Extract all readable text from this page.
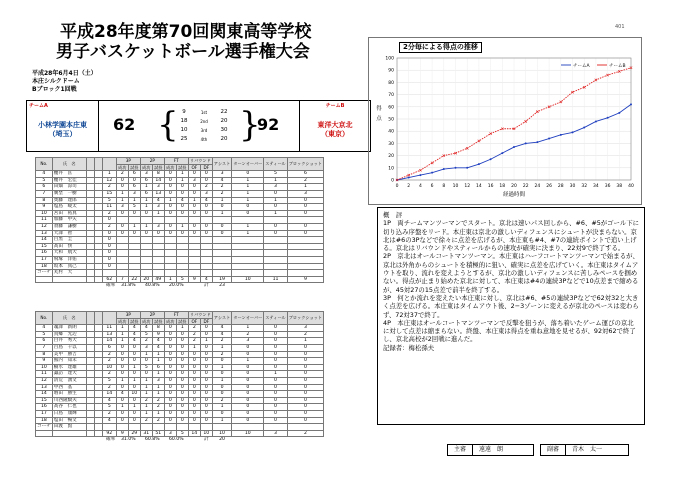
401
平成28年度第70回関東高等学校
男子バスケットボール選手権大会
平成28年6月4日（土）
本庄シルクドーム
Bブロック1回戦
チームA
小林学園本庄東
（埼玉）	62 { 9	1st	22
18	2nd	20
10	3rd	30
25	4th	20 }
92
チームB
東洋大京北
（東京）
No.	氏　名				3P		2P		FT		リバウンド		アシスト	ターンオーバー	スティール	ブロックショット
					成功	試投	成功	試投	成功	試投	OF	DF				
4	櫻井　匡			1	2	6	3	8	0	1	0	0	3	0	5	6
5	櫻井　宏佳			12	0	0	6	14	0	1	3	0	4	1	1	2
6	田畑　涼司			2	0	6	1	3	0	0	0	2	2	1	3	1
7	廣埜　一樹			15	1	3	6	13	0	0	0	3	2	1	0	3
8	奥藤　達郎			5	1	1	1	4	1	4	1	4	1	1	1	0
9	塩島　崚太			11	3	5	1	3	0	0	0	0	0	0	0	0
10	宮田　祐真			2	0	0	0	1	0	0	0	0	1	0	1	0
11	加藤　甲矢			0												
12	須藤　謙樹			2	0	1	1	3	0	1	0	0	0	1	0	0
13	大澤　智			0	0	0	0	0	0	0	0	0	0	1	0	0
14	目黒　圭			0												
15	高田　快			0												
16	大和　航大			0												
17	飛塚　洋佑			0												
18	坂本　真己			0												
コーチ	丸村　大															
				62	7	22	20	49	1	5	9	4	19	10	11	9
確率					31.8%		40.8%		20.0%			計	23			
No.	氏　名				3P		2P		FT		リバウンド		アシスト	ターンオーバー	スティール	ブロックショット
					成功	試投	成功	試投	成功	試投	OF	DF				
4	魂澤　新朗			11	1	4	4	8	0	1	2	0	4	1	0	3
5	真郷　光辺			13	1	4	5	9	0	0	2	0	4	2	0	2
6	白井　秀大			14	1	4	2	4	0	0	2	1	2	3	0	1
7	百島　千以			6	0	0	3	4	0	0	1	0	1	0	0	0
8	美甲　勝吉			2	0	0	1	1	0	0	0	0	2	0	0	0
9	熊内　知未			2	0	0	0	1	0	0	0	0	0	1	0	0
10	楠水　達雄			10	0	1	5	6	0	0	0	0	1	0	0	0
11	諏訪　達大			2	0	0	0	1	0	0	0	0	0	0	1	0
12	清荒　湧文			5	1	1	1	3	0	0	0	0	1	0	0	0
13	中西　基			2	0	0	1	1	0	0	0	0	0	0	0	0
14	増田　勝生			14	4	10	1	1	0	0	0	0	0	0	0	0
15	川西隆騎夫			4	0	0	2	2	0	0	0	0	2	0	0	0
16	高谷　仁也			5	1	1	1	2	0	0	0	0	1	0	0	0
17	日島　康輝			2	0	0	1	1	0	0	0	0	0	0	0	0
18	塩田　暢文			4	0	0	2	2	0	0	0	0	1	0	0	0
コーチ	田渡　賢															
				92	9	29	31	51	3	5	14	10	10	10	3	2
確率					31.0%		60.8%		60.0%			計	20			
2分毎による得点の推移
0
10
20
30
40
50
60
70
80
90
100
0 2 4 6 8 10 12 14 16 18 20 22 24 26 28 30 32 34 36 38 40
経過時間
得
点
チームA	チームB

概　評

1P　両チームマンツーマンでスタート。京北は速いパス回しから、#6、#5がゴール下に切り込み序盤をリード。本庄東は京北の激しいディフェンスにシュートが決まらない。京北は#6の3Pなどで徐々に点差を広げるが、本庄東も#4、#7の連続ポイントで追い上げる。京北はリバウンドやスティールからの速攻が確実に決まり、22対9で終了する。

2P　京北はオールコートマンツーマン。本庄東はハーフコートマンツーマンで始まるが、京北は外角からのシュートを積極的に狙い、確実に点差を広げていく。本庄東はタイムアウトを取り、流れを変えようとするが、京北の激しいディフェンスに苦しみペースを掴めない。得点が止まり始めた京北に対して、本庄東は#4の連続3Pなどで10点差まで縮めるが、45対27の15点差で前半を終了する。

3P　何とか流れを変えたい本庄東に対し、京北は#6、#5の連続3Pなどで62対32と大きく点差を広げる。本庄東はタイムアウト後、2−3ゾーンに変えるが京北のペースは変わらず、72対37で終了。

4P　本庄東はオールコートマンツーマンで反撃を狙うが、落ち着いたゲーム運びの京北に対して点差は縮まらない。終盤、本庄東は得点を重ね意地を見せるが、92対62で終了し、京北高校が2回戦に進んだ。

記録者：梅松孫夫

主審	遠遠　朗	副審	青木　太一
